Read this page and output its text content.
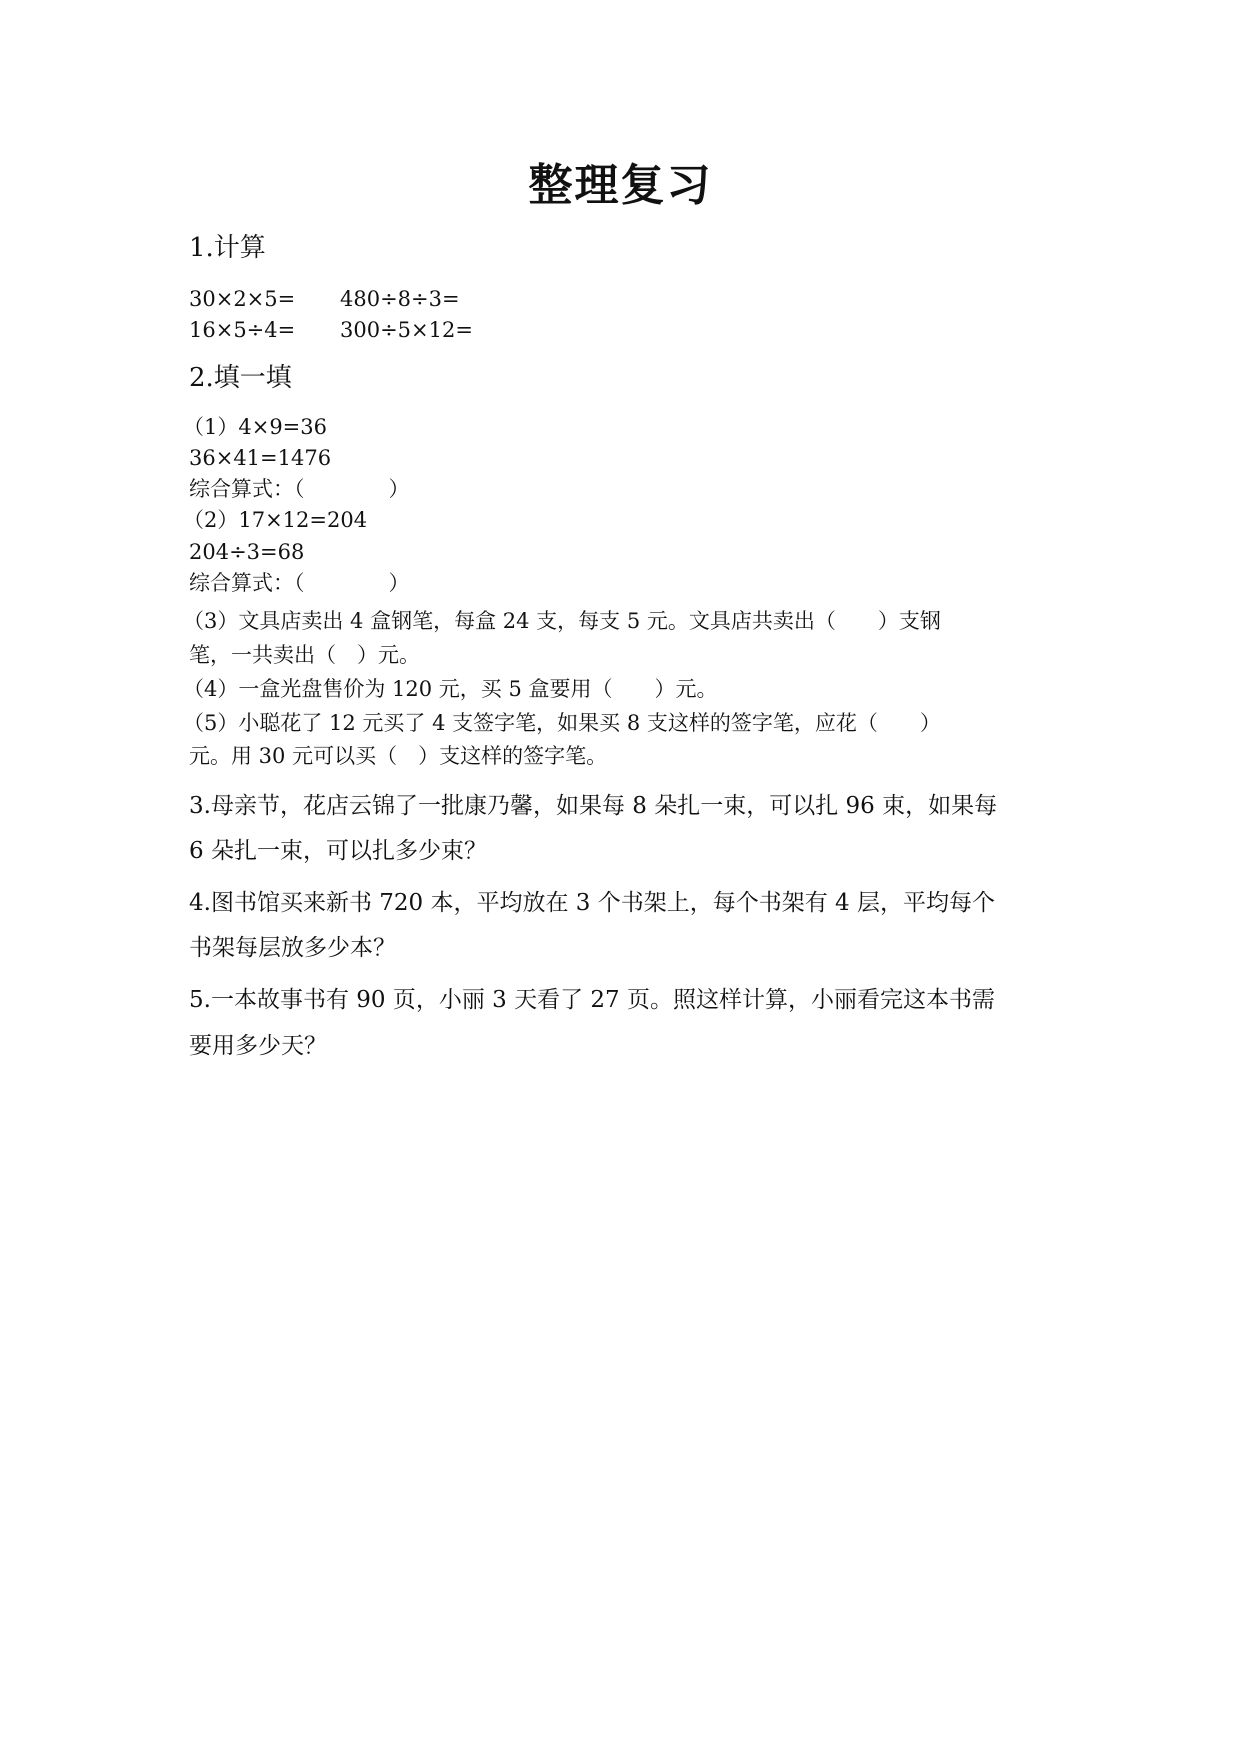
整理复习
1.计算
30×2×5= 480÷8÷3=
16×5÷4= 300÷5×12=
2.填一填
（1）4×9=36
36×41=1476
综合算式：（　　　　）
（2）17×12=204
204÷3=68
综合算式：（　　　　）
（3）文具店卖出 4 盒钢笔，每盒 24 支，每支 5 元。文具店共卖出（　　）支钢
笔，一共卖出（　）元。
（4）一盒光盘售价为 120 元，买 5 盒要用（　　）元。
（5）小聪花了 12 元买了 4 支签字笔，如果买 8 支这样的签字笔，应花（　　）
元。用 30 元可以买（　）支这样的签字笔。
3.母亲节，花店云锦了一批康乃馨，如果每 8 朵扎一束，可以扎 96 束，如果每
6 朵扎一束，可以扎多少束？
4.图书馆买来新书 720 本，平均放在 3 个书架上，每个书架有 4 层，平均每个
书架每层放多少本？
5.一本故事书有 90 页，小丽 3 天看了 27 页。照这样计算，小丽看完这本书需
要用多少天？
